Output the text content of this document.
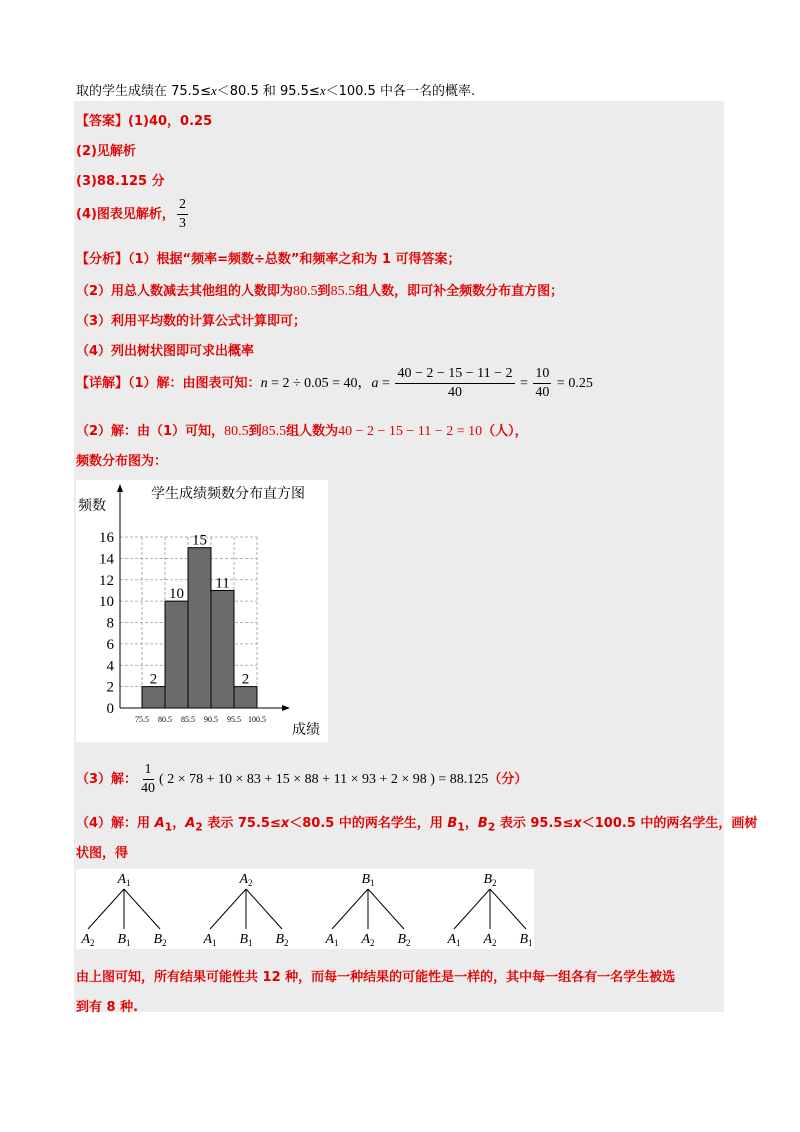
取的学生成绩在 75.5≤x＜80.5 和 95.5≤x＜100.5 中各一名的概率.
【答案】(1)40，0.25
(2)见解析
(3)88.125 分
(4)图表见解析， $\frac{2}{3}$
【分析】（1）根据“频率=频数÷总数”和频率之和为 1 可得答案；
（2）用总人数减去其他组的人数即为80.5到85.5组人数，即可补全频数分布直方图；
（3）利用平均数的计算公式计算即可；
（4）列出树状图即可求出概率
【详解】（1）解：由图表可知：n = 2 ÷ 0.05 = 40，$a = \frac{40 - 2 - 15 - 11 - 2}{40} = \frac{10}{40} = 0.25$
（2）解：由（1）可知，80.5到85.5组人数为40 − 2 − 15 − 11 − 2 = 10（人），
频数分布图为：
0
2
4
6
8
10
12
14
16
2
10
15
11
2
75.5 80.5 85.5 90.5 95.5 100.5
学生成绩频数分布直方图
频数
成绩
（3）解： $\frac{1}{40}$ ( 2 × 78 + 10 × 83 + 15 × 88 + 11 × 93 + 2 × 98 ) = 88.125（分）
（4）解：用 $A_1$，$A_2$ 表示 75.5≤x＜80.5 中的两名学生，用 $B_1$，$B_2$ 表示 95.5≤x＜100.5 中的两名学生，画树
状图，得
$A_1$
$A_2$ $B_1$ $B_2$
$A_2$
$A_1$ $B_1$ $B_2$
$B_1$
$A_1$ $A_2$ $B_2$
$B_2$
$A_1$ $A_2$ $B_1$
由上图可知，所有结果可能性共 12 种，而每一种结果的可能性是一样的，其中每一组各有一名学生被选
到有 8 种.
